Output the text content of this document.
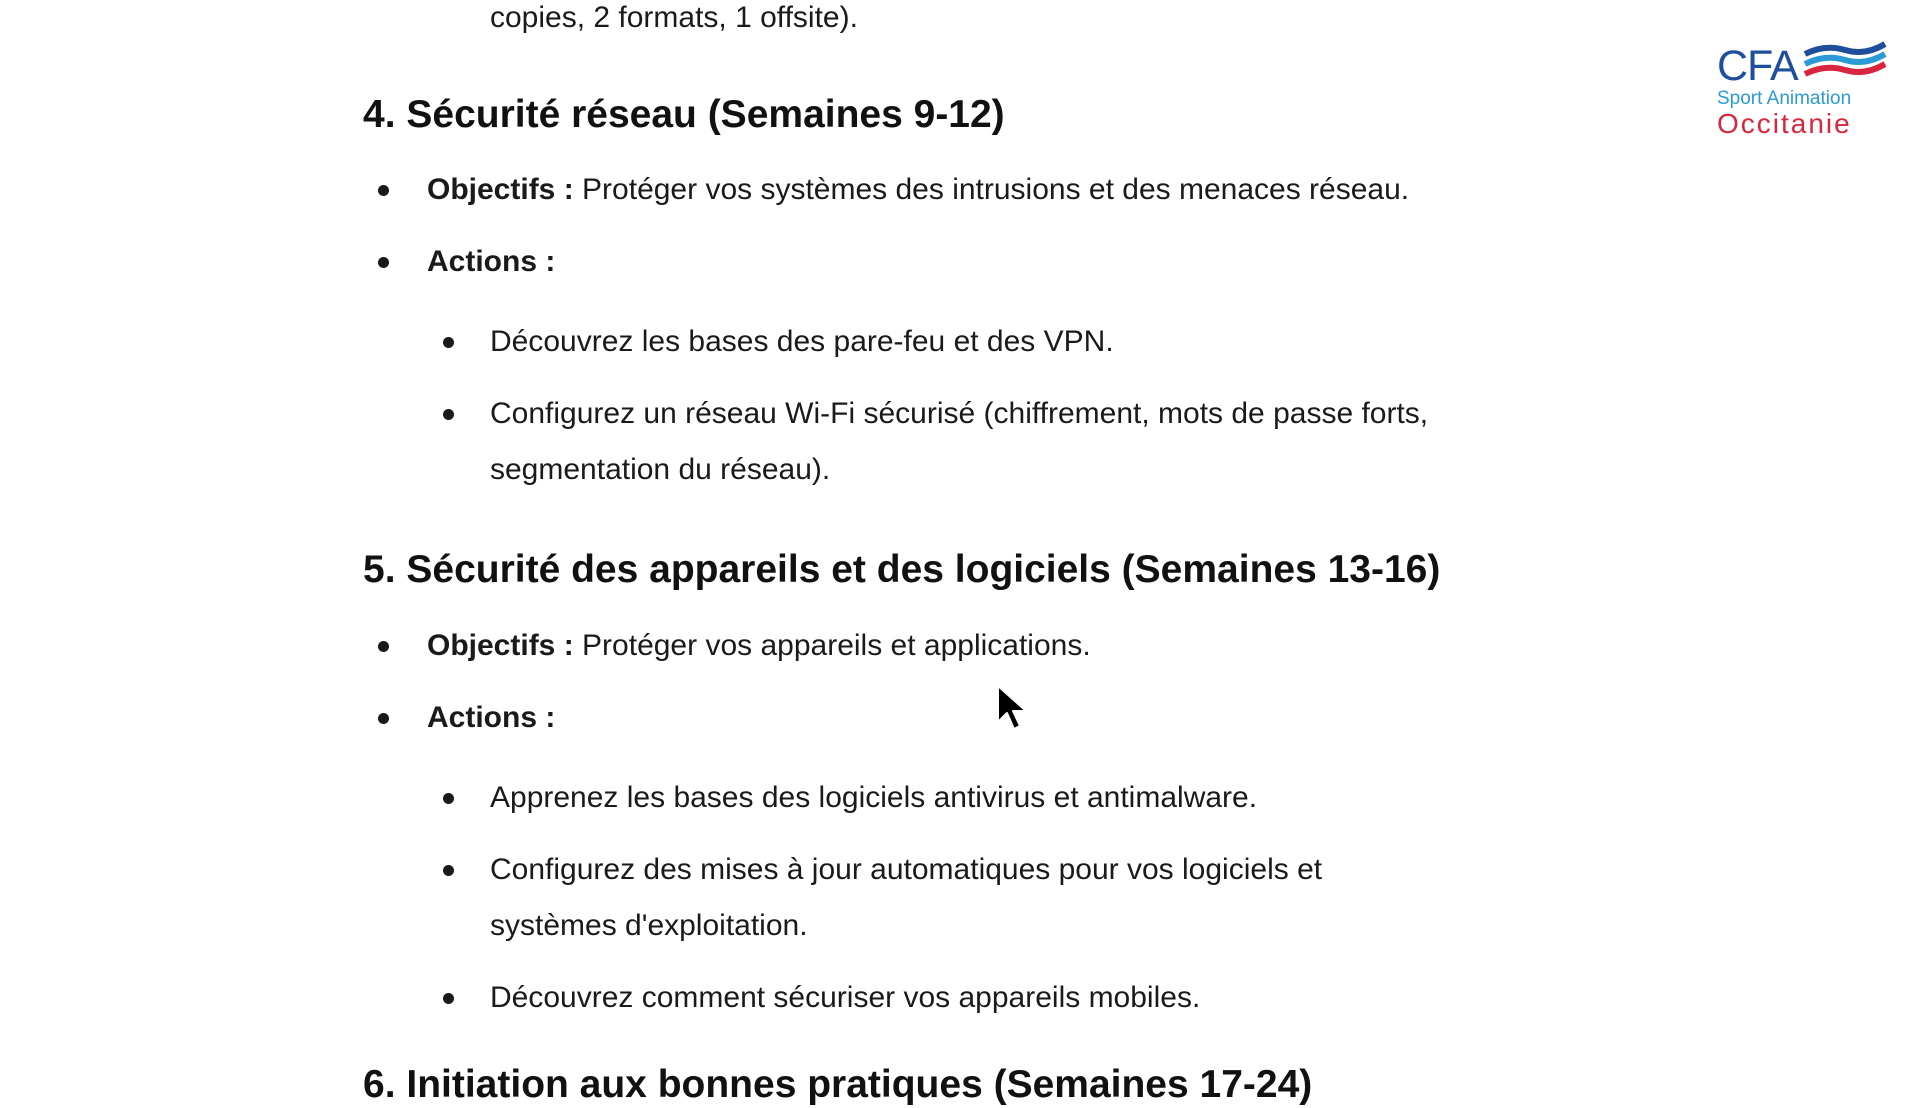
copies, 2 formats, 1 offsite).
4. Sécurité réseau (Semaines 9-12)
Objectifs : Protéger vos systèmes des intrusions et des menaces réseau.
Actions :
Découvrez les bases des pare-feu et des VPN.
Configurez un réseau Wi-Fi sécurisé (chiffrement, mots de passe forts,
segmentation du réseau).
5. Sécurité des appareils et des logiciels (Semaines 13-16)
Objectifs : Protéger vos appareils et applications.
Actions :
Apprenez les bases des logiciels antivirus et antimalware.
Configurez des mises à jour automatiques pour vos logiciels et
systèmes d'exploitation.
Découvrez comment sécuriser vos appareils mobiles.
6. Initiation aux bonnes pratiques (Semaines 17-24)
CFA
Sport Animation
Occitanie
